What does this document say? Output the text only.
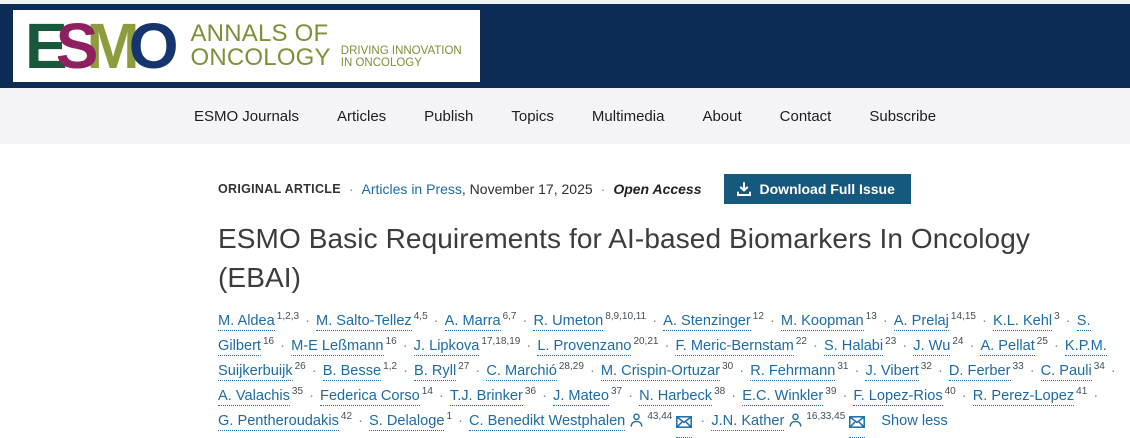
E
S
M
O ANNALS OF
ONCOLOGY DRIVING INNOVATION
IN ONCOLOGY
ESMO Journals	Articles	Publish	Topics	Multimedia	About	Contact	Subscribe
ORIGINAL ARTICLE · Articles in Press , November 17, 2025 · Open Access	Download Full Issue
ESMO Basic Requirements for AI-based Biomarkers In Oncology (EBAI)
M. Aldea $^{1,2,3}$ · M. Salto-Tellez $^{4,5}$ · A. Marra $^{6,7}$ · R. Umeton $^{8,9,10,11}$ · A. Stenzinger $^{12}$ · M. Koopman $^{13}$ · A. Prelaj $^{14,15}$ · K.L. Kehl $^3$ · S. Gilbert $^{16}$ · M-E Leßmann $^{16}$ · J. Lipkova $^{17,18,19}$ · L. Provenzano $^{20,21}$ · F. Meric-Bernstam $^{22}$ · S. Halabi $^{23}$ · J. Wu $^{24}$ · A. Pellat $^{25}$ · K.P.M. Suijkerbuijk $^{26}$ · B. Besse $^{1,2}$ · B. Ryll $^{27}$ · C. Marchió $^{28,29}$ · M. Crispin-Ortuzar $^{30}$ · R. Fehrmann $^{31}$ · J. Vibert $^{32}$ · D. Ferber $^{33}$ · C. Pauli $^{34}$ · A. Valachis $^{35}$ · Federica Corso $^{14}$ · T.J. Brinker $^{36}$ · J. Mateo $^{37}$ · N. Harbeck $^{38}$ · E.C. Winkler $^{39}$ · F. Lopez-Rios $^{40}$ · R. Perez-Lopez $^{41}$ · G. Pentheroudakis $^{42}$ · S. Delaloge $^1$ · C. Benedikt Westphalen $^{43,44}$ · J.N. Kather $^{16,33,45}$ Show less
